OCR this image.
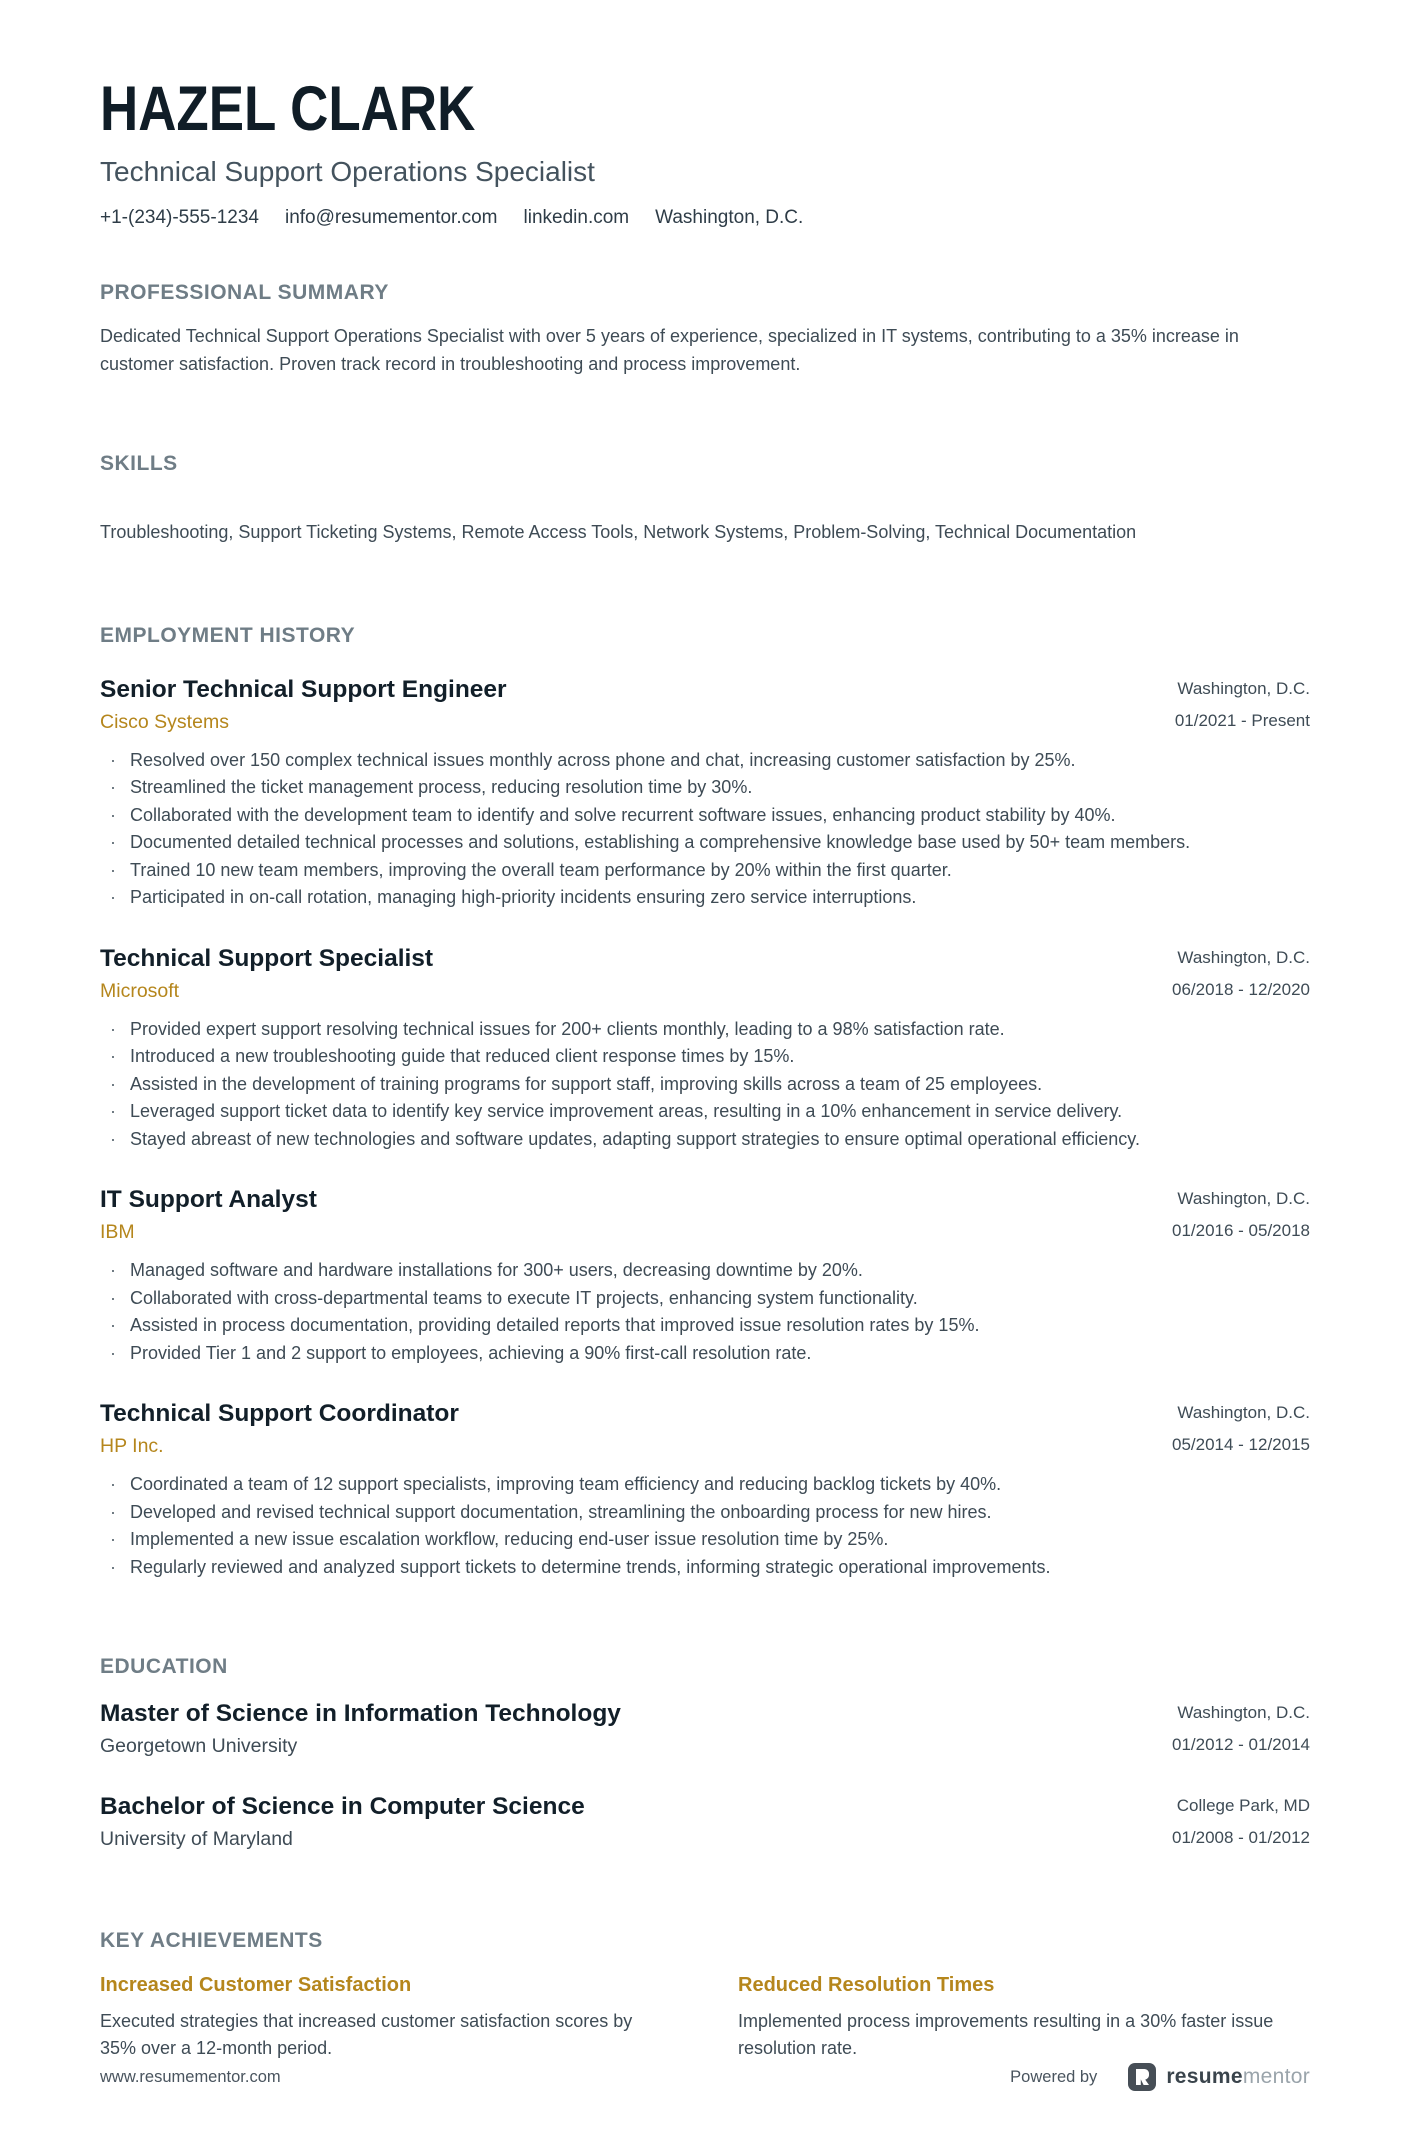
HAZEL CLARK
Technical Support Operations Specialist
+1-(234)-555-1234 info@resumementor.com linkedin.com Washington, D.C.
PROFESSIONAL SUMMARY
Dedicated Technical Support Operations Specialist with over 5 years of experience, specialized in IT systems, contributing to a 35% increase in customer satisfaction. Proven track record in troubleshooting and process improvement.
SKILLS
Troubleshooting, Support Ticketing Systems, Remote Access Tools, Network Systems, Problem-Solving, Technical Documentation
EMPLOYMENT HISTORY
Senior Technical Support Engineer
Cisco Systems
Washington, D.C.
01/2021 - Present
· Resolved over 150 complex technical issues monthly across phone and chat, increasing customer satisfaction by 25%.
· Streamlined the ticket management process, reducing resolution time by 30%.
· Collaborated with the development team to identify and solve recurrent software issues, enhancing product stability by 40%.
· Documented detailed technical processes and solutions, establishing a comprehensive knowledge base used by 50+ team members.
· Trained 10 new team members, improving the overall team performance by 20% within the first quarter.
· Participated in on-call rotation, managing high-priority incidents ensuring zero service interruptions.
Technical Support Specialist
Microsoft
Washington, D.C.
06/2018 - 12/2020
· Provided expert support resolving technical issues for 200+ clients monthly, leading to a 98% satisfaction rate.
· Introduced a new troubleshooting guide that reduced client response times by 15%.
· Assisted in the development of training programs for support staff, improving skills across a team of 25 employees.
· Leveraged support ticket data to identify key service improvement areas, resulting in a 10% enhancement in service delivery.
· Stayed abreast of new technologies and software updates, adapting support strategies to ensure optimal operational efficiency.
IT Support Analyst
IBM
Washington, D.C.
01/2016 - 05/2018
· Managed software and hardware installations for 300+ users, decreasing downtime by 20%.
· Collaborated with cross-departmental teams to execute IT projects, enhancing system functionality.
· Assisted in process documentation, providing detailed reports that improved issue resolution rates by 15%.
· Provided Tier 1 and 2 support to employees, achieving a 90% first-call resolution rate.
Technical Support Coordinator
HP Inc.
Washington, D.C.
05/2014 - 12/2015
· Coordinated a team of 12 support specialists, improving team efficiency and reducing backlog tickets by 40%.
· Developed and revised technical support documentation, streamlining the onboarding process for new hires.
· Implemented a new issue escalation workflow, reducing end-user issue resolution time by 25%.
· Regularly reviewed and analyzed support tickets to determine trends, informing strategic operational improvements.
EDUCATION
Master of Science in Information Technology
Georgetown University
Washington, D.C.
01/2012 - 01/2014
Bachelor of Science in Computer Science
University of Maryland
College Park, MD
01/2008 - 01/2012
KEY ACHIEVEMENTS
Increased Customer Satisfaction
Executed strategies that increased customer satisfaction scores by 35% over a 12-month period.
Reduced Resolution Times
Implemented process improvements resulting in a 30% faster issue resolution rate.
www.resumementor.com	Powered by	resumementor
